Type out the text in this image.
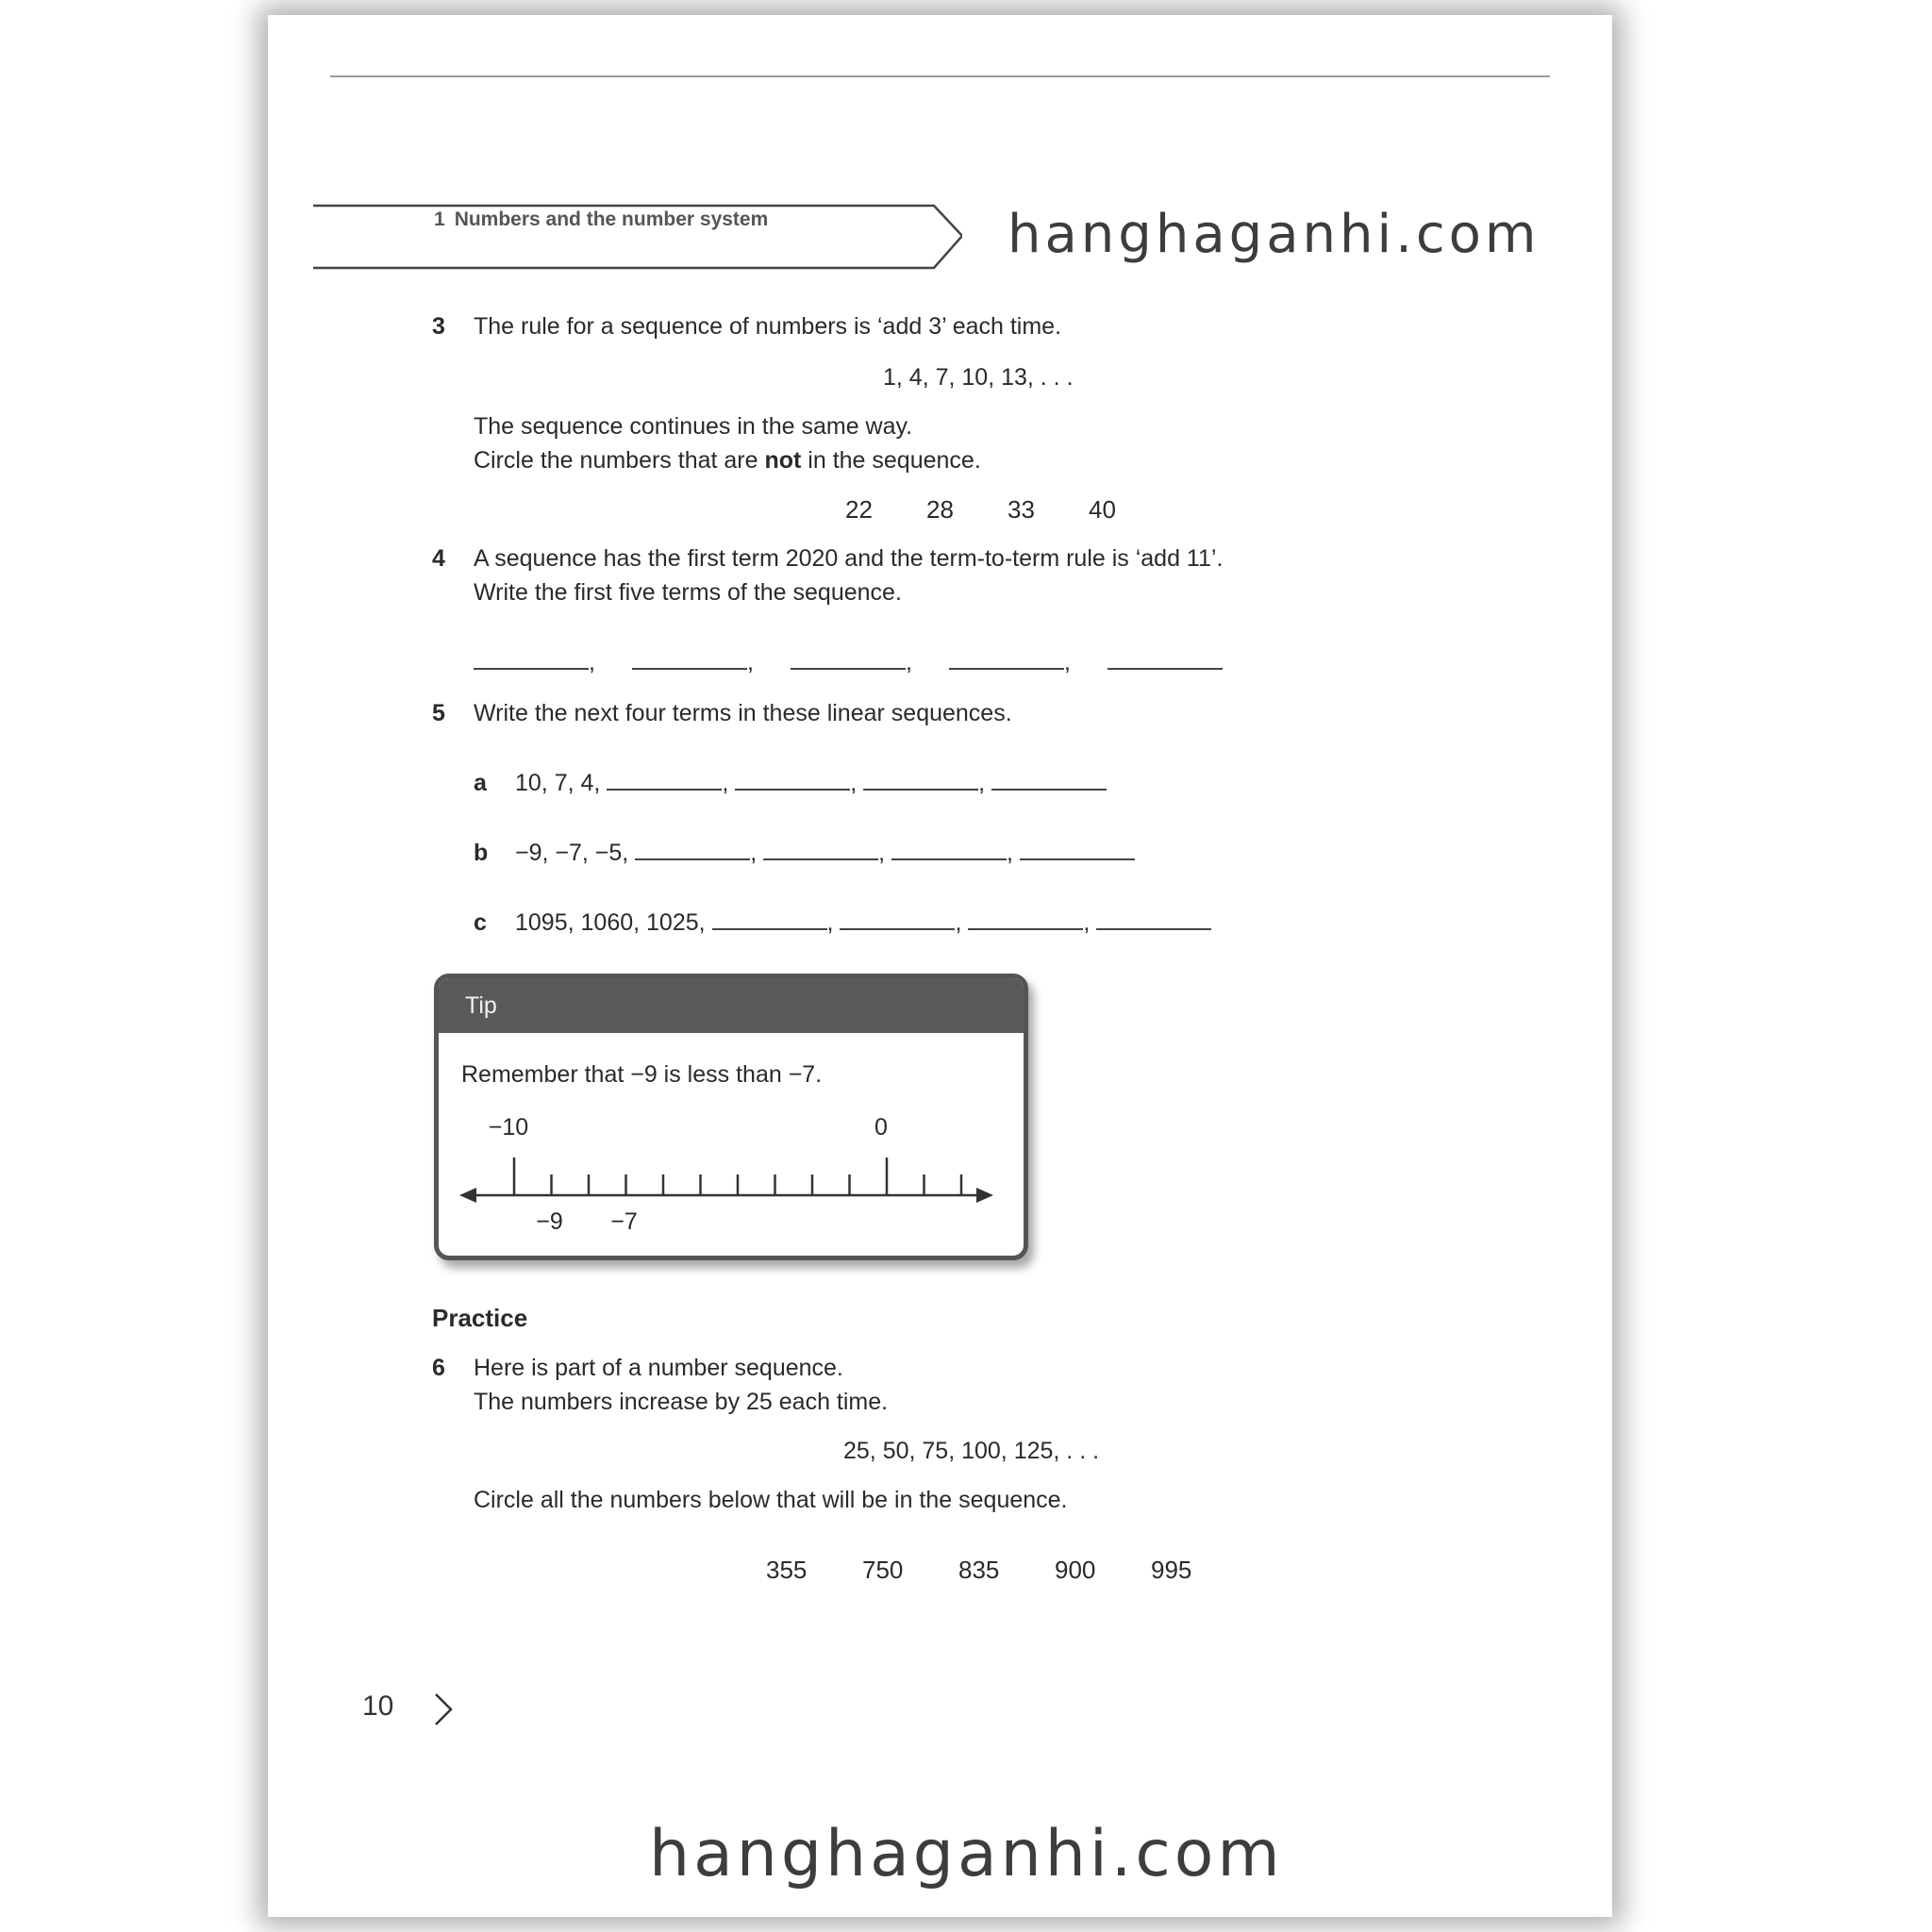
1 Numbers and the number system	hanghaganhi.com
3 The rule for a sequence of numbers is ‘add 3’ each time.
1, 4, 7, 10, 13, . . .
The sequence continues in the same way.
Circle the numbers that are not in the sequence.
22 28 33 40
4 A sequence has the first term 2020 and the term-to-term rule is ‘add 11’.
Write the first five terms of the sequence.
,	,	,	,
5 Write the next four terms in these linear sequences.
a 10, 7, 4,	,	,	,
b −9, −7, −5,	,	,	,
c 1095, 1060, 1025,	,	,	,
Tip
Remember that −9 is less than −7.
−10	0
−9 −7
Practice
6 Here is part of a number sequence.
The numbers increase by 25 each time.
25, 50, 75, 100, 125, . . .
Circle all the numbers below that will be in the sequence.
355 750 835 900 995
10
hanghaganhi.com
